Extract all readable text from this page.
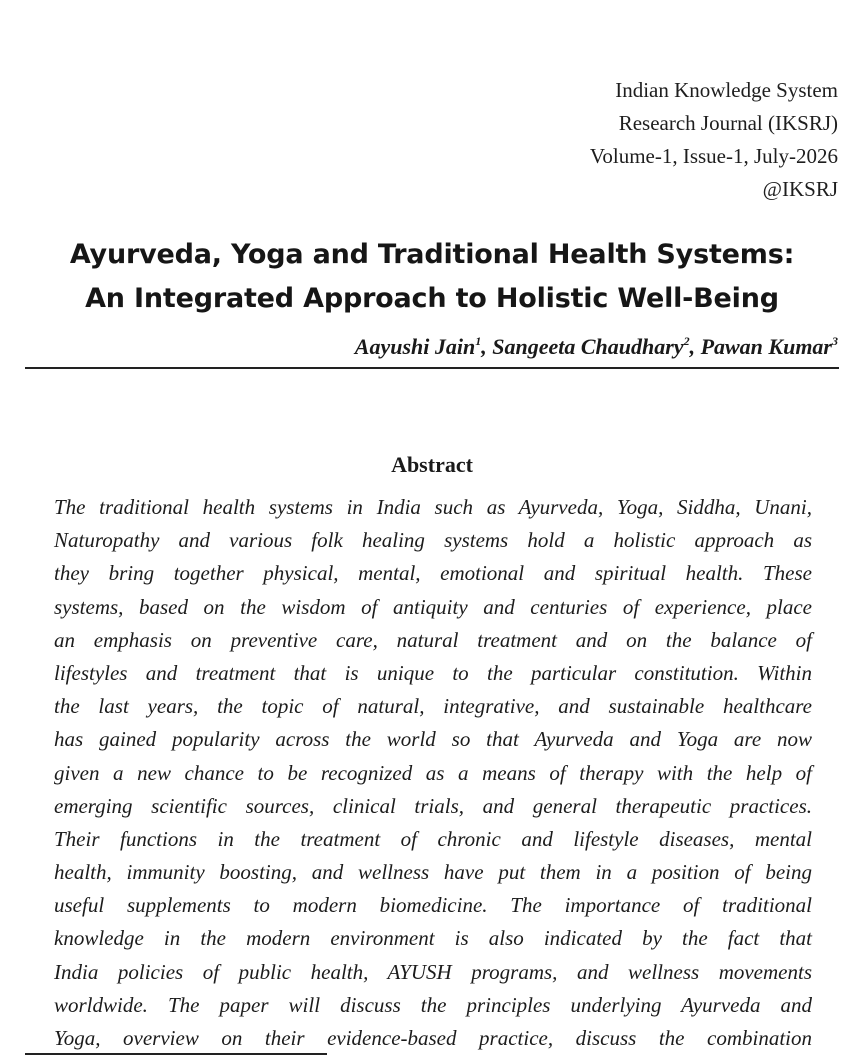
Indian Knowledge System
Research Journal (IKSRJ)
Volume-1, Issue-1, July-2026
@IKSRJ
Ayurveda, Yoga and Traditional Health Systems:
An Integrated Approach to Holistic Well-Being
Aayushi Jain$^1$, Sangeeta Chaudhary$^2$, Pawan Kumar$^3$
Abstract
The traditional health systems in India such as Ayurveda, Yoga, Siddha, Unani,
Naturopathy and various folk healing systems hold a holistic approach as
they bring together physical, mental, emotional and spiritual health. These
systems, based on the wisdom of antiquity and centuries of experience, place
an emphasis on preventive care, natural treatment and on the balance of
lifestyles and treatment that is unique to the particular constitution. Within
the last years, the topic of natural, integrative, and sustainable healthcare
has gained popularity across the world so that Ayurveda and Yoga are now
given a new chance to be recognized as a means of therapy with the help of
emerging scientific sources, clinical trials, and general therapeutic practices.
Their functions in the treatment of chronic and lifestyle diseases, mental
health, immunity boosting, and wellness have put them in a position of being
useful supplements to modern biomedicine. The importance of traditional
knowledge in the modern environment is also indicated by the fact that
India policies of public health, AYUSH programs, and wellness movements
worldwide. The paper will discuss the principles underlying Ayurveda and
Yoga, overview on their evidence-based practice, discuss the combination
